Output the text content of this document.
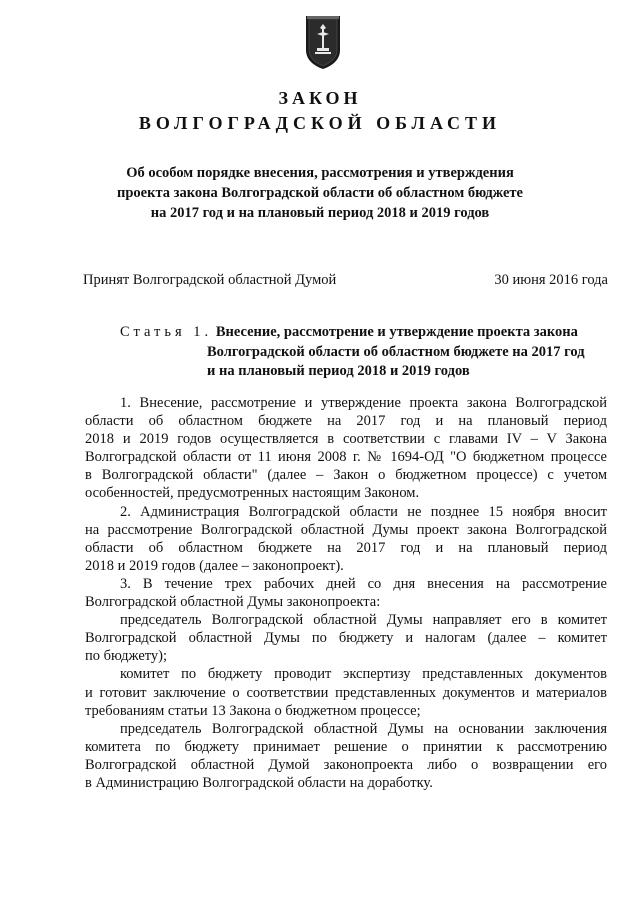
ЗАКОН
ВОЛГОГРАДСКОЙ ОБЛАСТИ
Об особом порядке внесения, рассмотрения и утверждения
проекта закона Волгоградской области об областном бюджете
на 2017 год и на плановый период 2018 и 2019 годов
Принят Волгоградской областной Думой	30 июня 2016 года
Статья 1. Внесение, рассмотрение и утверждение проекта закона
Волгоградской области об областном бюджете на 2017 год
и на плановый период 2018 и 2019 годов
1. Внесение, рассмотрение и утверждение проекта закона Волгоградской
области об областном бюджете на 2017 год и на плановый период
2018 и 2019 годов осуществляется в соответствии с главами IV – V Закона
Волгоградской области от 11 июня 2008 г. № 1694-ОД "О бюджетном процессе
в Волгоградской области" (далее – Закон о бюджетном процессе) с учетом
особенностей, предусмотренных настоящим Законом.
2. Администрация Волгоградской области не позднее 15 ноября вносит
на рассмотрение Волгоградской областной Думы проект закона Волгоградской
области об областном бюджете на 2017 год и на плановый период
2018 и 2019 годов (далее – законопроект).
3. В течение трех рабочих дней со дня внесения на рассмотрение
Волгоградской областной Думы законопроекта:
председатель Волгоградской областной Думы направляет его в комитет
Волгоградской областной Думы по бюджету и налогам (далее – комитет
по бюджету);
комитет по бюджету проводит экспертизу представленных документов
и готовит заключение о соответствии представленных документов и материалов
требованиям статьи 13 Закона о бюджетном процессе;
председатель Волгоградской областной Думы на основании заключения
комитета по бюджету принимает решение о принятии к рассмотрению
Волгоградской областной Думой законопроекта либо о возвращении его
в Администрацию Волгоградской области на доработку.
